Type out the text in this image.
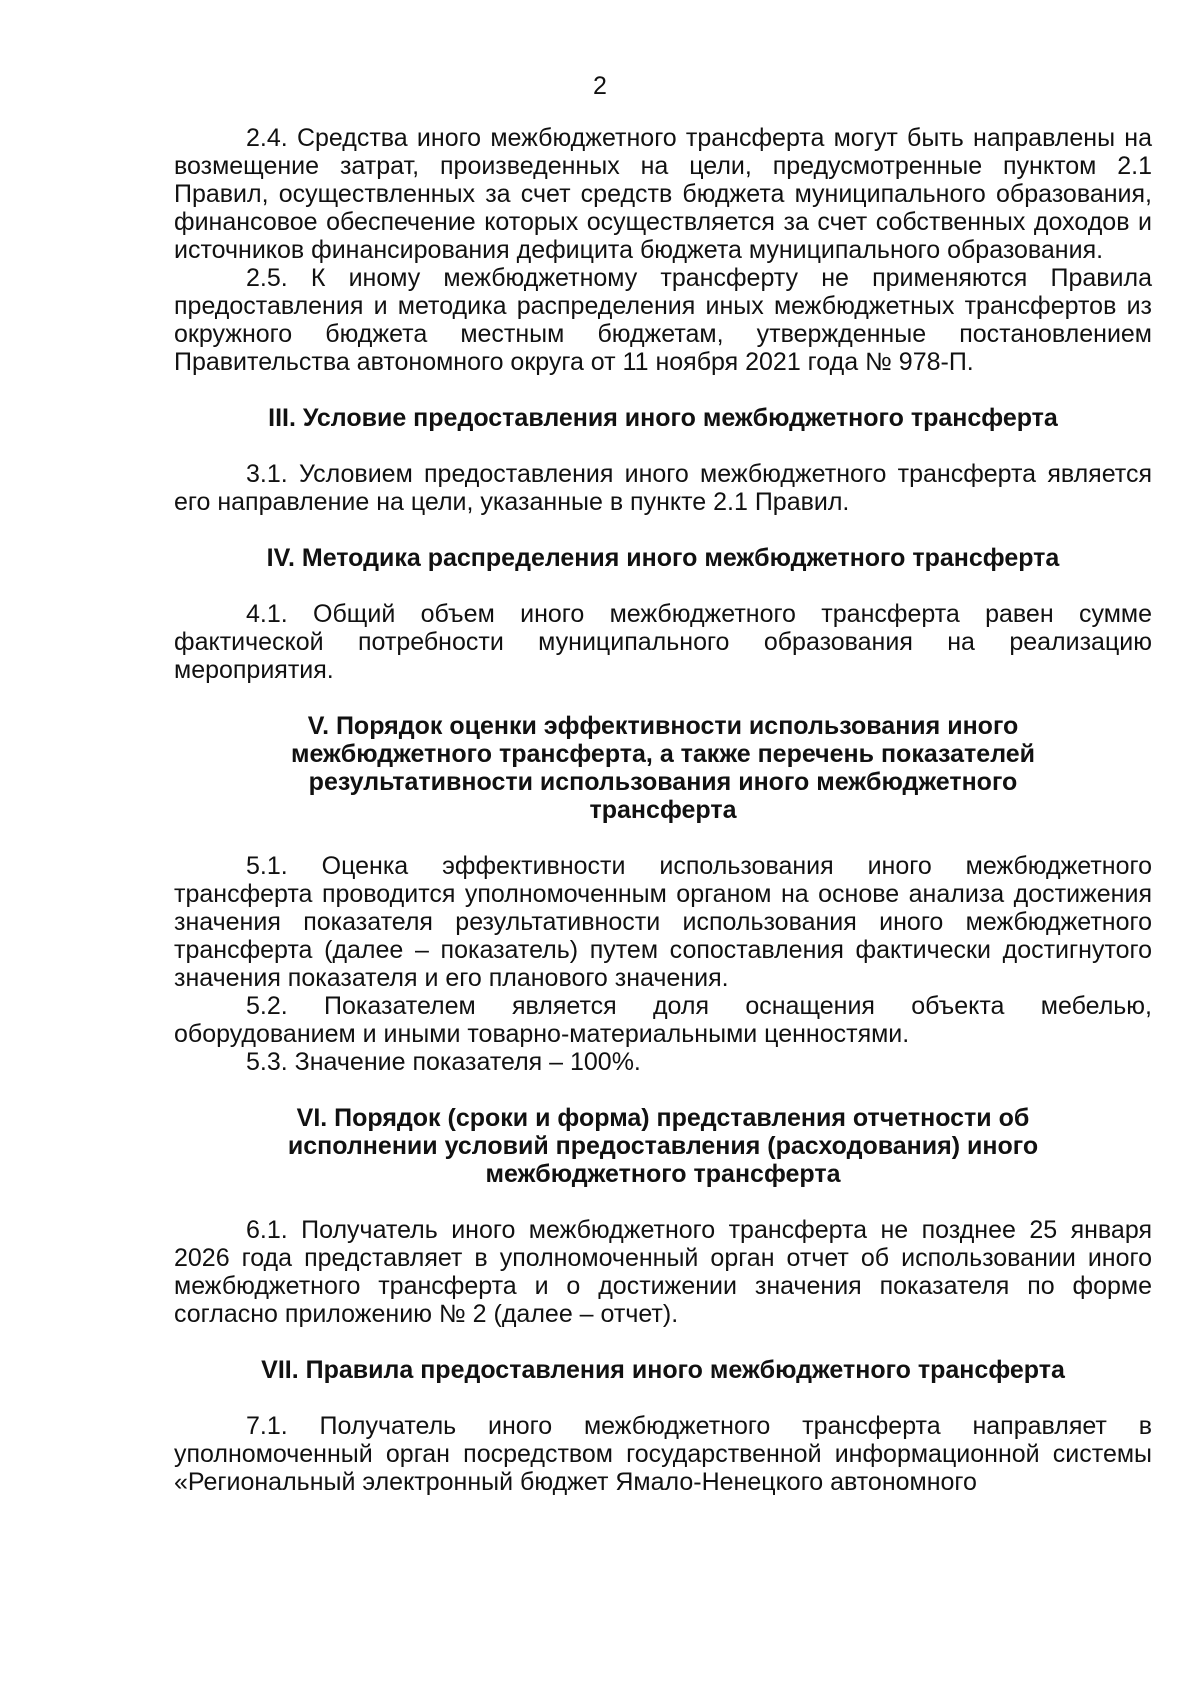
2

2.4. Средства иного межбюджетного трансферта могут быть направлены на возмещение затрат, произведенных на цели, предусмотренные пунктом 2.1 Правил, осуществленных за счет средств бюджета муниципального образования, финансовое обеспечение которых осуществляется за счет собственных доходов и источников финансирования дефицита бюджета муниципального образования.

2.5. К иному межбюджетному трансферту не применяются Правила предоставления и методика распределения иных межбюджетных трансфертов из окружного бюджета местным бюджетам, утвержденные постановлением Правительства автономного округа от 11 ноября 2021 года № 978-П.

III. Условие предоставления иного межбюджетного трансферта

3.1. Условием предоставления иного межбюджетного трансферта является его направление на цели, указанные в пункте 2.1 Правил.

IV. Методика распределения иного межбюджетного трансферта

4.1. Общий объем иного межбюджетного трансферта равен сумме фактической потребности муниципального образования на реализацию мероприятия.

V. Порядок оценки эффективности использования иного межбюджетного трансферта, а также перечень показателей результативности использования иного межбюджетного трансферта

5.1. Оценка эффективности использования иного межбюджетного трансферта проводится уполномоченным органом на основе анализа достижения значения показателя результативности использования иного межбюджетного трансферта (далее – показатель) путем сопоставления фактически достигнутого значения показателя и его планового значения.

5.2. Показателем является доля оснащения объекта мебелью, оборудованием и иными товарно-материальными ценностями.

5.3. Значение показателя – 100%.

VI. Порядок (сроки и форма) представления отчетности об исполнении условий предоставления (расходования) иного межбюджетного трансферта

6.1. Получатель иного межбюджетного трансферта не позднее 25 января 2026 года представляет в уполномоченный орган отчет об использовании иного межбюджетного трансферта и о достижении значения показателя по форме согласно приложению № 2 (далее – отчет).

VII. Правила предоставления иного межбюджетного трансферта

7.1. Получатель иного межбюджетного трансферта направляет в уполномоченный орган посредством государственной информационной системы «Региональный электронный бюджет Ямало-Ненецкого автономного
